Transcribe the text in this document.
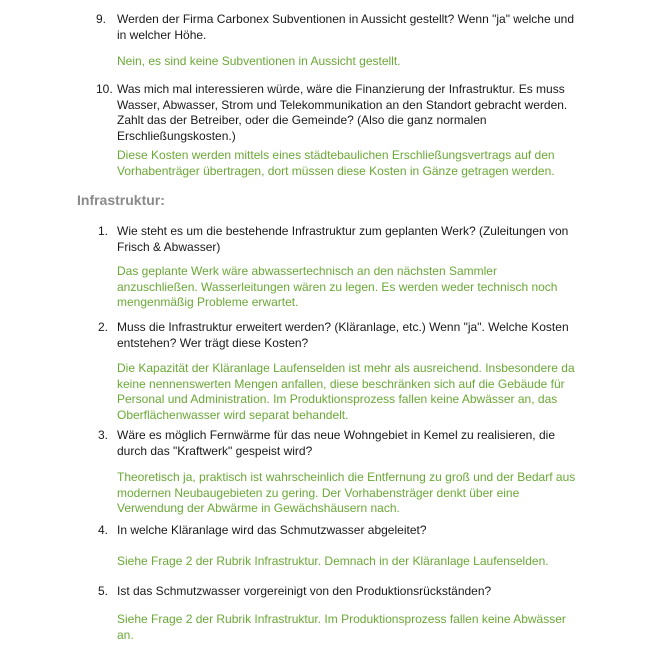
9. Werden der Firma Carbonex Subventionen in Aussicht gestellt? Wenn "ja" welche und in welcher Höhe.
Nein, es sind keine Subventionen in Aussicht gestellt.
10. Was mich mal interessieren würde, wäre die Finanzierung der Infrastruktur. Es muss Wasser, Abwasser, Strom und Telekommunikation an den Standort gebracht werden. Zahlt das der Betreiber, oder die Gemeinde? (Also die ganz normalen Erschließungskosten.)
Diese Kosten werden mittels eines städtebaulichen Erschließungsvertrags auf den Vorhabenträger übertragen, dort müssen diese Kosten in Gänze getragen werden.
Infrastruktur:
1. Wie steht es um die bestehende Infrastruktur zum geplanten Werk? (Zuleitungen von Frisch & Abwasser)
Das geplante Werk wäre abwassertechnisch an den nächsten Sammler anzuschließen. Wasserleitungen wären zu legen. Es werden weder technisch noch mengenmäßig Probleme erwartet.
2. Muss die Infrastruktur erweitert werden? (Kläranlage, etc.) Wenn "ja". Welche Kosten entstehen? Wer trägt diese Kosten?
Die Kapazität der Kläranlage Laufenselden ist mehr als ausreichend. Insbesondere da keine nennenswerten Mengen anfallen, diese beschränken sich auf die Gebäude für Personal und Administration. Im Produktionsprozess fallen keine Abwässer an, das Oberflächenwasser wird separat behandelt.
3. Wäre es möglich Fernwärme für das neue Wohngebiet in Kemel zu realisieren, die durch das "Kraftwerk" gespeist wird?
Theoretisch ja, praktisch ist wahrscheinlich die Entfernung zu groß und der Bedarf aus modernen Neubaugebieten zu gering. Der Vorhabensträger denkt über eine Verwendung der Abwärme in Gewächshäusern nach.
4. In welche Kläranlage wird das Schmutzwasser abgeleitet?
Siehe Frage 2 der Rubrik Infrastruktur. Demnach in der Kläranlage Laufenselden.
5. Ist das Schmutzwasser vorgereinigt von den Produktionsrückständen?
Siehe Frage 2 der Rubrik Infrastruktur. Im Produktionsprozess fallen keine Abwässer an.
